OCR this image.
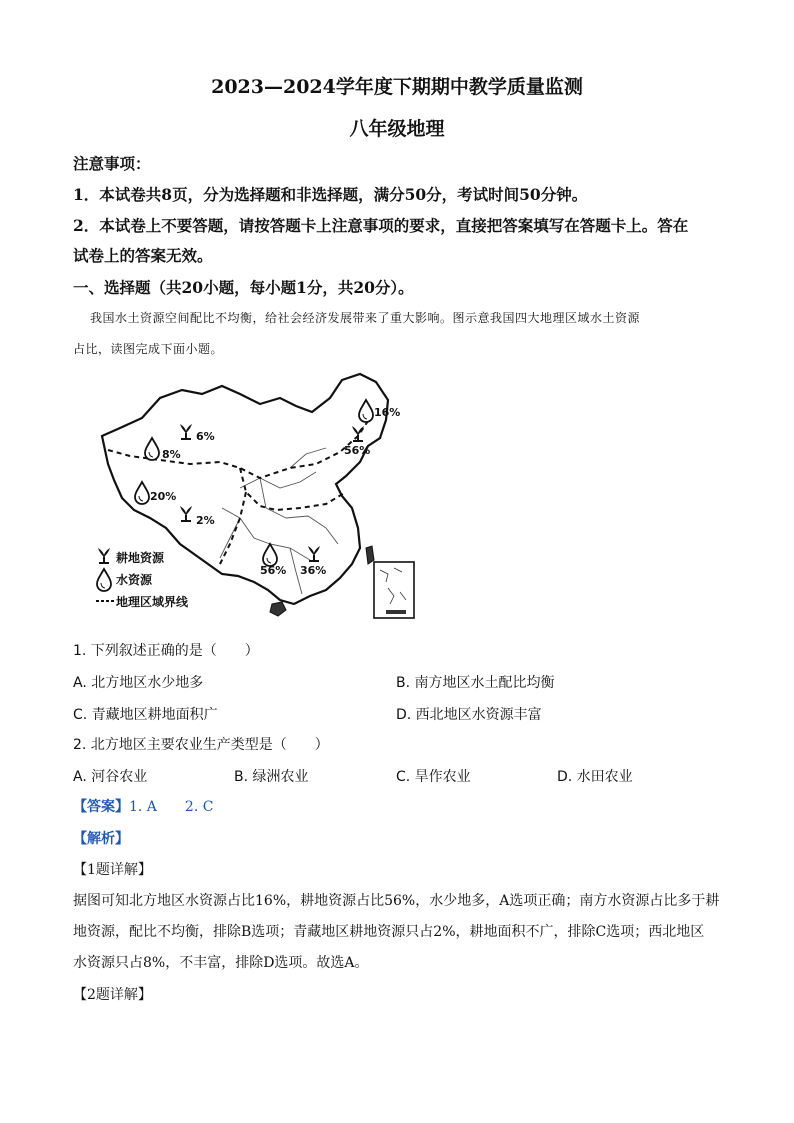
2023—2024学年度下期期中教学质量监测
八年级地理
注意事项：
1．本试卷共8页，分为选择题和非选择题，满分50分，考试时间50分钟。
2．本试卷上不要答题，请按答题卡上注意事项的要求，直接把答案填写在答题卡上。答在
试卷上的答案无效。
一、选择题（共20小题，每小题1分，共20分）。
我国水土资源空间配比不均衡，给社会经济发展带来了重大影响。图示意我国四大地理区域水土资源
占比，读图完成下面小题。
6%
8%
16%
56%
20%
2%
56% 36%
耕地资源
水资源
地理区域界线
1. 下列叙述正确的是（　　）
A. 北方地区水少地多	B. 南方地区水土配比均衡
C. 青藏地区耕地面积广	D. 西北地区水资源丰富
2. 北方地区主要农业生产类型是（　　）
A. 河谷农业	B. 绿洲农业	C. 旱作农业	D. 水田农业
【答案】1. A　　2. C
【解析】
【1题详解】
据图可知北方地区水资源占比16%，耕地资源占比56%，水少地多，A选项正确；南方水资源占比多于耕
地资源，配比不均衡，排除B选项；青藏地区耕地资源只占2%，耕地面积不广，排除C选项；西北地区
水资源只占8%，不丰富，排除D选项。故选A。
【2题详解】
